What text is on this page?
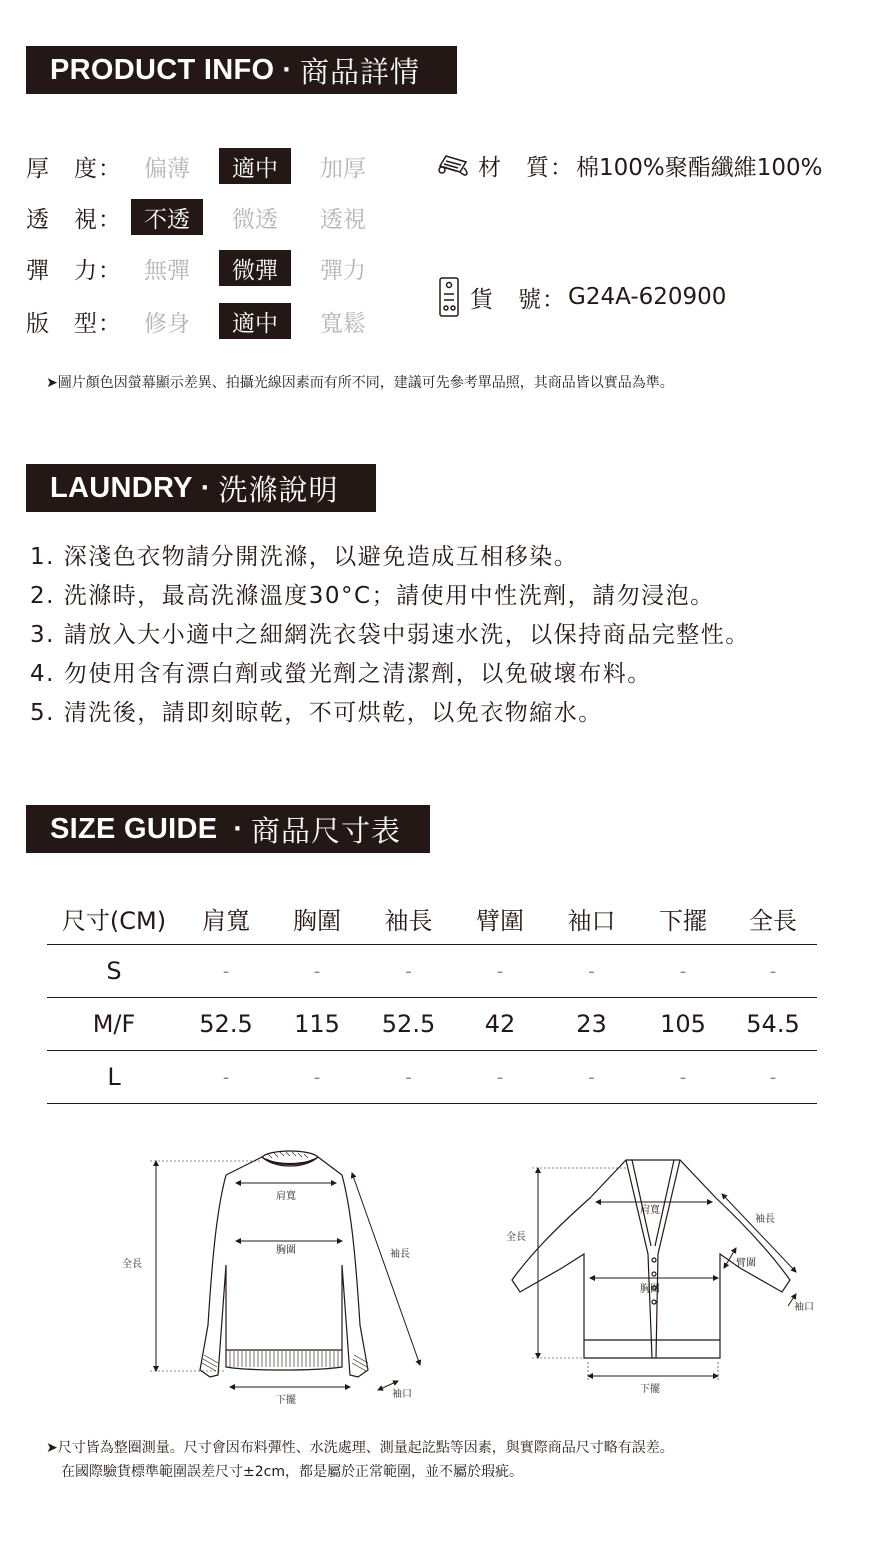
PRODUCT INFO · 商品詳情
厚　度： 偏薄	適中	加厚
透　視： 不透	微透	透視
彈　力： 無彈	微彈	彈力
版　型： 修身	適中	寬鬆
材　質： 棉100%聚酯纖維100%
貨　號： G24A-620900
➤圖片顏色因螢幕顯示差異、拍攝光線因素而有所不同，建議可先參考單品照，其商品皆以實品為準。
LAUNDRY · 洗滌說明
1. 深淺色衣物請分開洗滌，以避免造成互相移染。
2. 洗滌時，最高洗滌溫度30°C；請使用中性洗劑，請勿浸泡。
3. 請放入大小適中之細網洗衣袋中弱速水洗，以保持商品完整性。
4. 勿使用含有漂白劑或螢光劑之清潔劑，以免破壞布料。
5. 清洗後，請即刻晾乾，不可烘乾，以免衣物縮水。
SIZE GUIDE · 商品尺寸表
尺寸(CM)	肩寬	胸圍	袖長	臂圍	袖口	下擺	全長
S	-	-	-	-	-	-	-
M/F	52.5	115	52.5	42	23	105	54.5
L	-	-	-	-	-	-	-
全長
肩寬
胸圍	袖長
下擺
袖口
全長
肩寬
胸圍
袖長
臂圍
袖口
下擺
➤尺寸皆為整圈測量。尺寸會因布料彈性、水洗處理、測量起訖點等因素，與實際商品尺寸略有誤差。
在國際驗貨標準範圍誤差尺寸±2cm，都是屬於正常範圍，並不屬於瑕疵。
